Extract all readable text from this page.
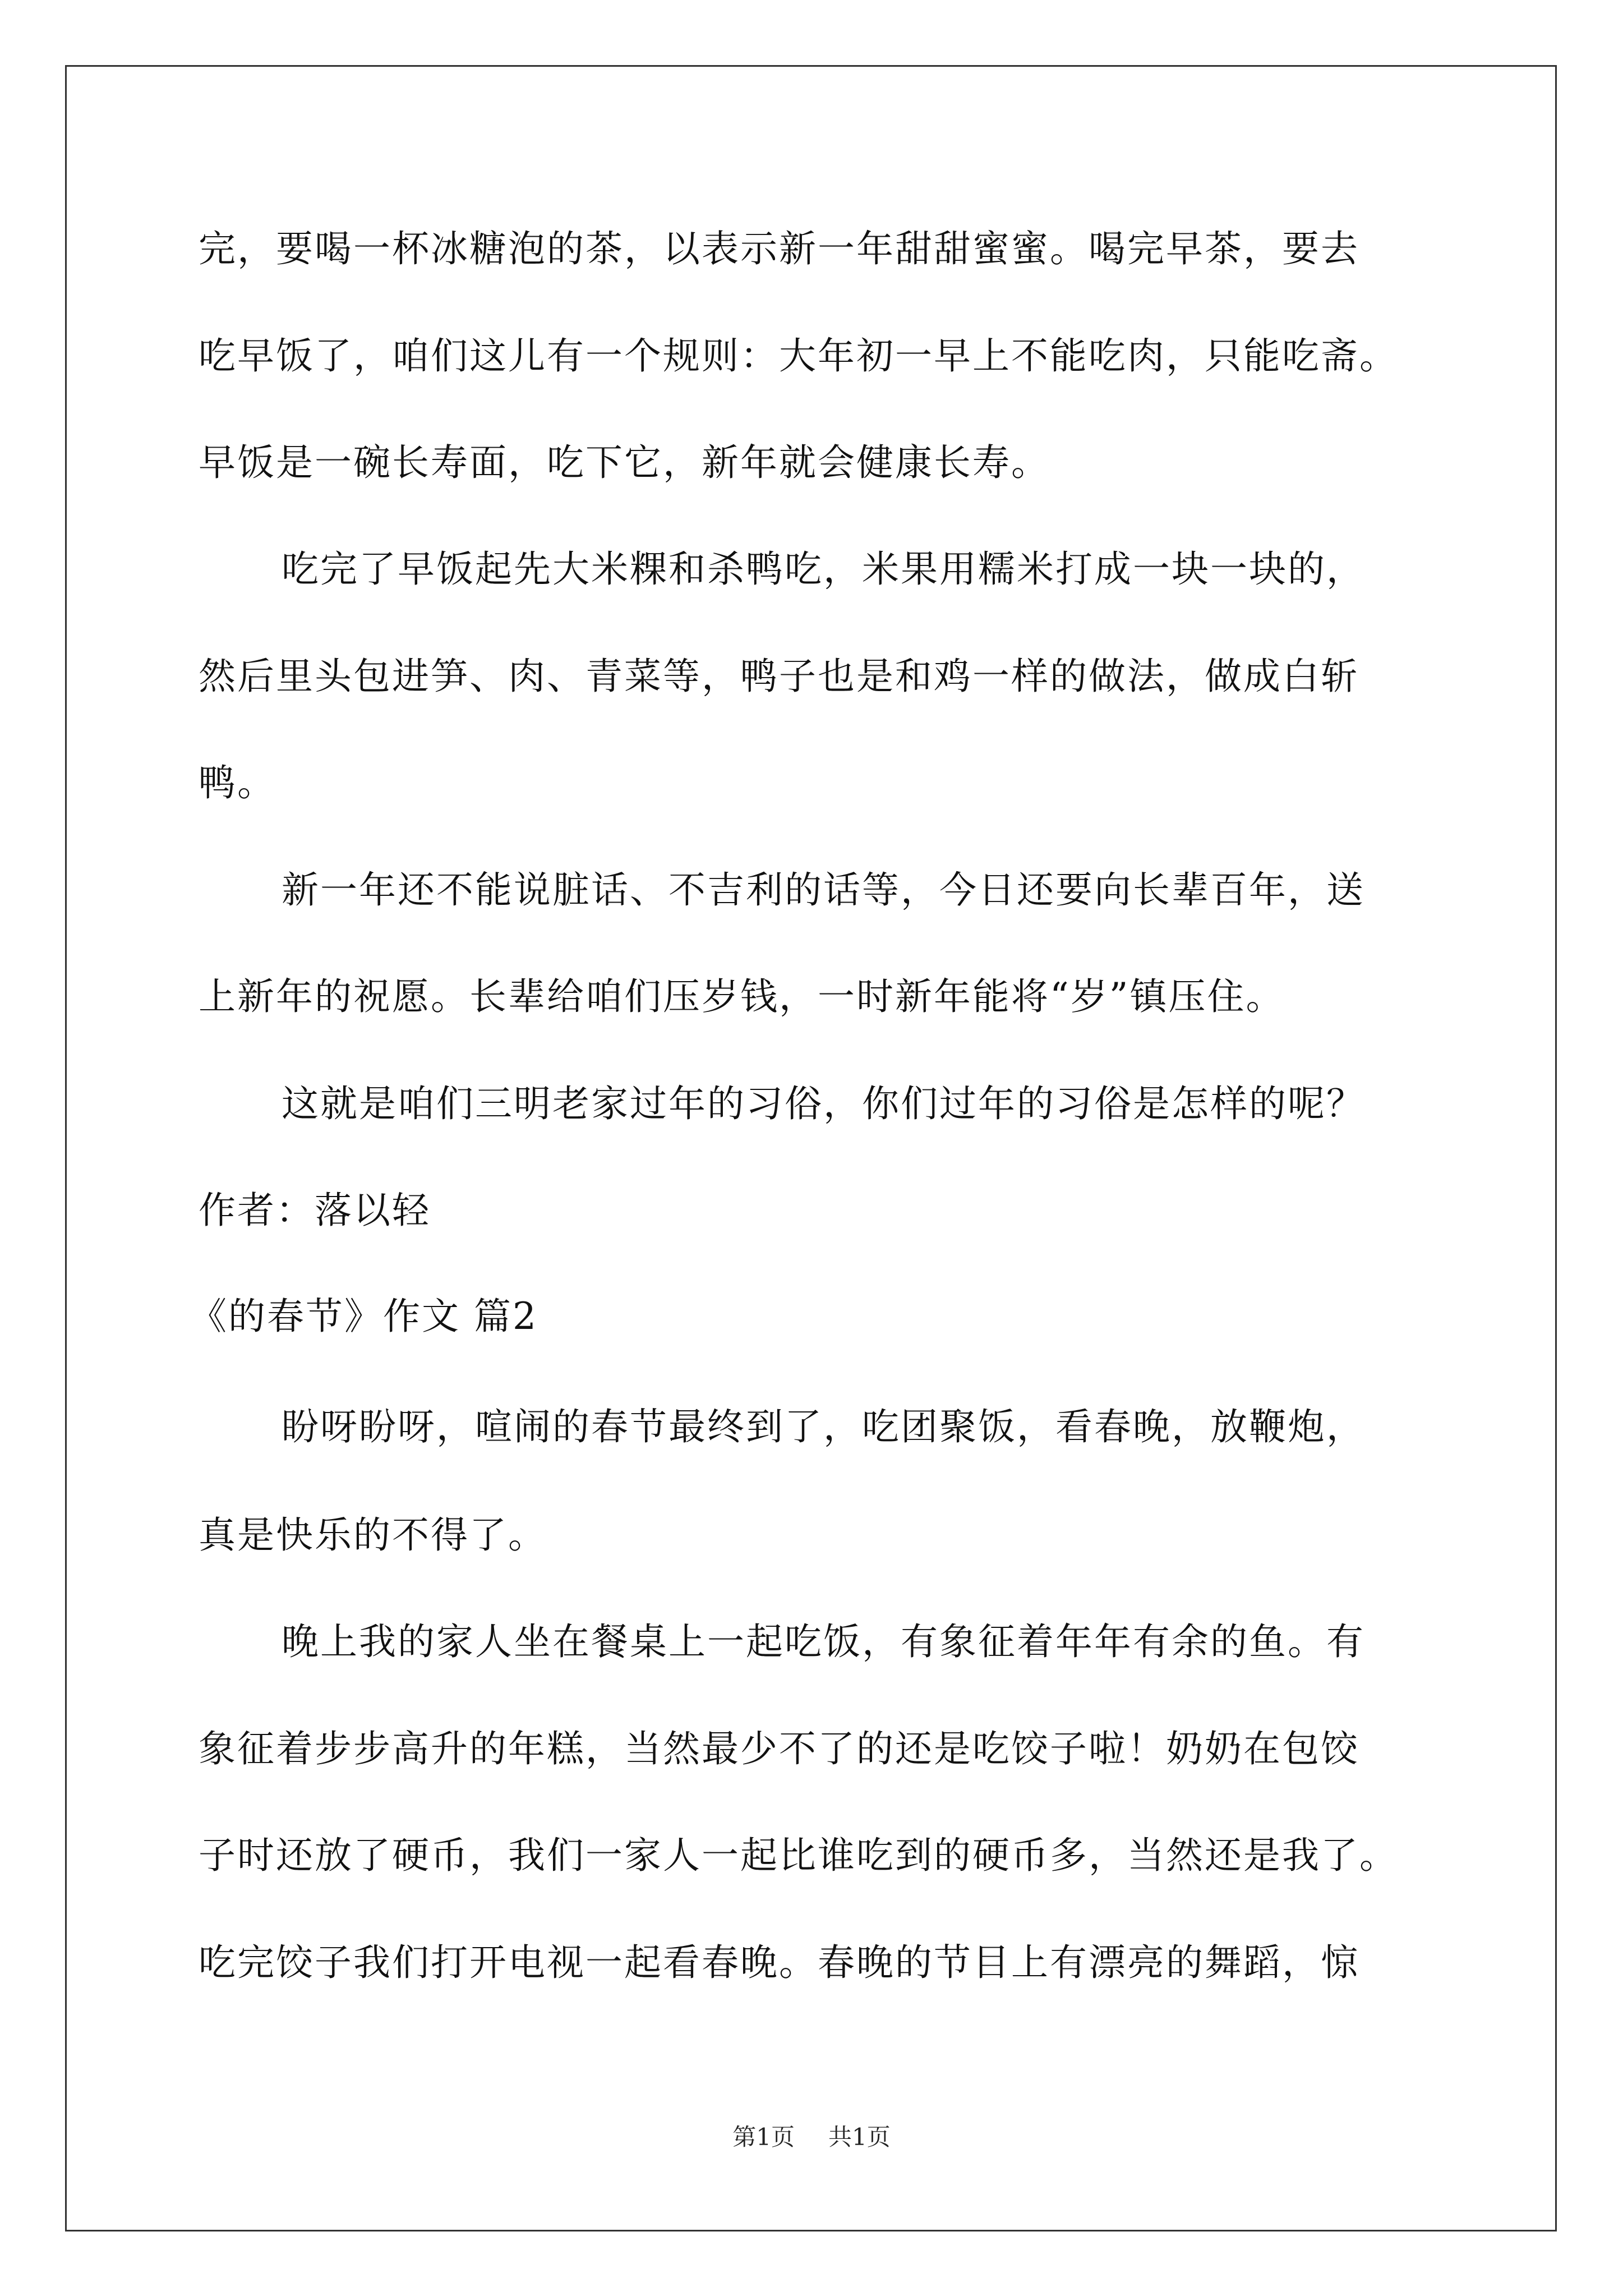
完，要喝一杯冰糖泡的茶，以表示新一年甜甜蜜蜜。喝完早茶，要去
吃早饭了，咱们这儿有一个规则：大年初一早上不能吃肉，只能吃斋。
早饭是一碗长寿面，吃下它，新年就会健康长寿。
吃完了早饭起先大米粿和杀鸭吃，米果用糯米打成一块一块的，
然后里头包进笋、肉、青菜等，鸭子也是和鸡一样的做法，做成白斩
鸭。
新一年还不能说脏话、不吉利的话等，今日还要向长辈百年，送
上新年的祝愿。长辈给咱们压岁钱，一时新年能将“岁”镇压住。
这就是咱们三明老家过年的习俗，你们过年的习俗是怎样的呢？
作者：落以轻
《的春节》作文 篇2
盼呀盼呀，喧闹的春节最终到了，吃团聚饭，看春晚，放鞭炮，
真是快乐的不得了。
晚上我的家人坐在餐桌上一起吃饭，有象征着年年有余的鱼。有
象征着步步高升的年糕，当然最少不了的还是吃饺子啦！奶奶在包饺
子时还放了硬币，我们一家人一起比谁吃到的硬币多，当然还是我了。
吃完饺子我们打开电视一起看春晚。春晚的节目上有漂亮的舞蹈，惊
第1页 共1页
